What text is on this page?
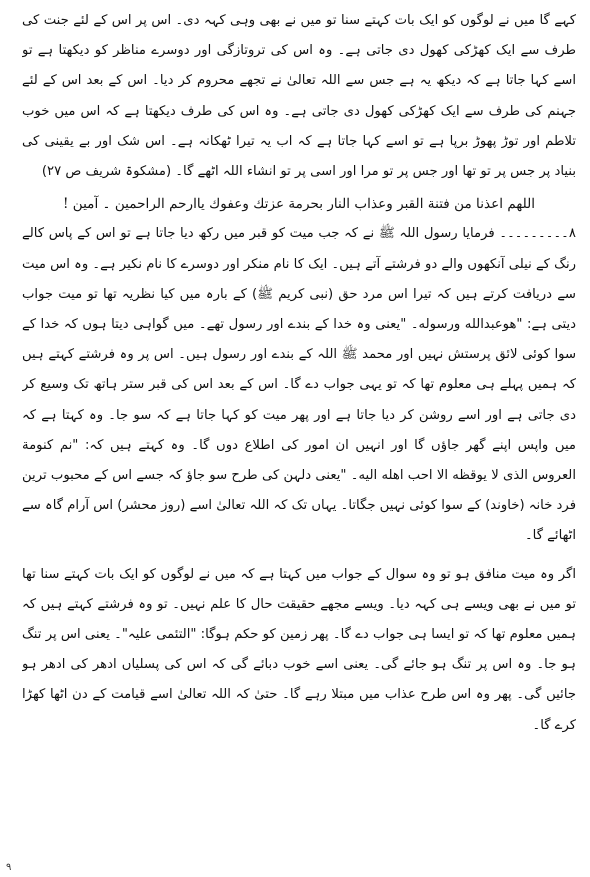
کہے گا میں نے لوگوں کو ایک بات کہتے سنا تو میں نے بھی وہی کہہ دی۔ اس پر اس کے لئے جنت کی طرف سے ایک کھڑکی کھول دی جاتی ہے۔ وہ اس کی تروتازگی اور دوسرے مناظر کو دیکھتا ہے تو اسے کہا جاتا ہے کہ دیکھ یہ ہے جس سے اللہ تعالیٰ نے تجھے محروم کر دیا۔ اس کے بعد اس کے لئے جہنم کی طرف سے ایک کھڑکی کھول دی جاتی ہے۔ وہ اس کی طرف دیکھتا ہے کہ اس میں خوب تلاطم اور توڑ پھوڑ برپا ہے تو اسے کہا جاتا ہے کہ اب یہ تیرا ٹھکانہ ہے۔ اس شک اور بے یقینی کی بنیاد پر جس پر تو تھا اور جس پر تو مرا اور اسی پر تو انشاء اللہ اٹھے گا۔ (مشکوۃ شریف ص ۲۷)

اللهم اعذنا من فتنة القبر وعذاب النار بحرمة عزتك وعفوك ياارحم الراحمين ۔ آمين !

۸۔۔۔۔۔۔۔۔۔ فرمایا رسول اللہ ﷺ نے کہ جب میت کو قبر میں رکھ دیا جاتا ہے تو اس کے پاس کالے رنگ کے نیلی آنکھوں والے دو فرشتے آتے ہیں۔ ایک کا نام منکر اور دوسرے کا نام نکیر ہے۔ وہ اس میت سے دریافت کرتے ہیں کہ تیرا اس مرد حق (نبی کریم ﷺ) کے بارہ میں کیا نظریہ تھا تو میت جواب دیتی ہے: "هوعبدالله ورسوله۔ "یعنی وہ خدا کے بندے اور رسول تھے۔ میں گواہی دیتا ہوں کہ خدا کے سوا کوئی لائق پرستش نہیں اور محمد ﷺ اللہ کے بندے اور رسول ہیں۔ اس پر وہ فرشتے کہتے ہیں کہ ہمیں پہلے ہی معلوم تھا کہ تو یہی جواب دے گا۔ اس کے بعد اس کی قبر ستر ہاتھ تک وسیع کر دی جاتی ہے اور اسے روشن کر دیا جاتا ہے اور پھر میت کو کہا جاتا ہے کہ سو جا۔ وہ کہتا ہے کہ میں واپس اپنے گھر جاؤں گا اور انہیں ان امور کی اطلاع دوں گا۔ وہ کہتے ہیں کہ: "نم كنومة العروس الذى لا يوقظه الا احب اهله اليه۔ "یعنی دلہن کی طرح سو جاؤ کہ جسے اس کے محبوب ترین فرد خانہ (خاوند) کے سوا کوئی نہیں جگاتا۔ یہاں تک کہ اللہ تعالیٰ اسے (روز محشر) اس آرام گاہ سے اٹھائے گا۔

اگر وہ میت منافق ہو تو وہ سوال کے جواب میں کہتا ہے کہ میں نے لوگوں کو ایک بات کہتے سنا تھا تو میں نے بھی ویسے ہی کہہ دیا۔ ویسے مجھے حقیقت حال کا علم نہیں۔ تو وہ فرشتے کہتے ہیں کہ ہمیں معلوم تھا کہ تو ایسا ہی جواب دے گا۔ پھر زمین کو حکم ہوگا: "التئمی علیہ"۔ یعنی اس پر تنگ ہو جا۔ وہ اس پر تنگ ہو جائے گی۔ یعنی اسے خوب دبائے گی کہ اس کی پسلیاں ادھر کی ادھر ہو جائیں گی۔ پھر وہ اس طرح عذاب میں مبتلا رہے گا۔ حتیٰ کہ اللہ تعالیٰ اسے قیامت کے دن اٹھا کھڑا کرے گا۔

۹
